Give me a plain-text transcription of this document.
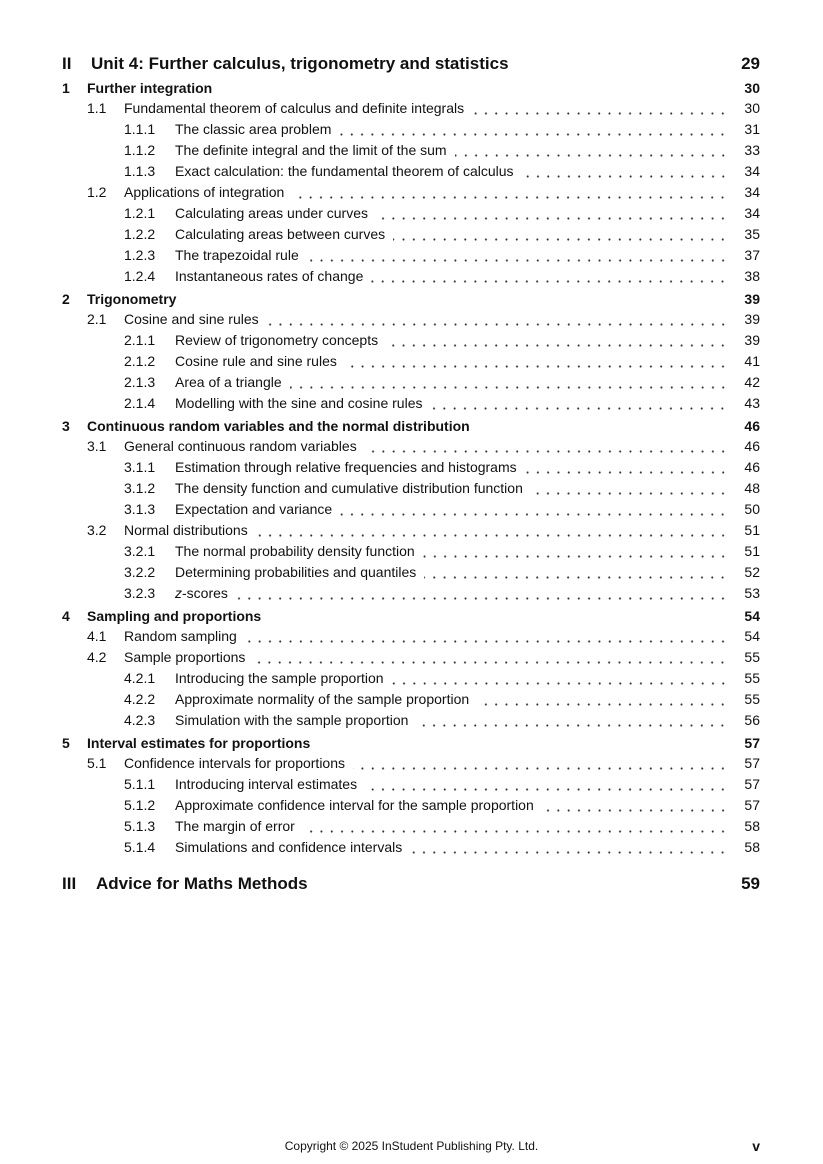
II	Unit 4: Further calculus, trigonometry and statistics	29
1	Further integration	30
1.1	Fundamental theorem of calculus and definite integrals	30
1.1.1	The classic area problem	31
1.1.2	The definite integral and the limit of the sum	33
1.1.3	Exact calculation: the fundamental theorem of calculus	34
1.2	Applications of integration	34
1.2.1	Calculating areas under curves	34
1.2.2	Calculating areas between curves	35
1.2.3	The trapezoidal rule	37
1.2.4	Instantaneous rates of change	38
2	Trigonometry	39
2.1	Cosine and sine rules	39
2.1.1	Review of trigonometry concepts	39
2.1.2	Cosine rule and sine rules	41
2.1.3	Area of a triangle	42
2.1.4	Modelling with the sine and cosine rules	43
3	Continuous random variables and the normal distribution	46
3.1	General continuous random variables	46
3.1.1	Estimation through relative frequencies and histograms	46
3.1.2	The density function and cumulative distribution function	48
3.1.3	Expectation and variance	50
3.2	Normal distributions	51
3.2.1	The normal probability density function	51
3.2.2	Determining probabilities and quantiles	52
3.2.3	z-scores	53
4	Sampling and proportions	54
4.1	Random sampling	54
4.2	Sample proportions	55
4.2.1	Introducing the sample proportion	55
4.2.2	Approximate normality of the sample proportion	55
4.2.3	Simulation with the sample proportion	56
5	Interval estimates for proportions	57
5.1	Confidence intervals for proportions	57
5.1.1	Introducing interval estimates	57
5.1.2	Approximate confidence interval for the sample proportion	57
5.1.3	The margin of error	58
5.1.4	Simulations and confidence intervals	58
III	Advice for Maths Methods	59
Copyright © 2025 InStudent Publishing Pty. Ltd.	v
